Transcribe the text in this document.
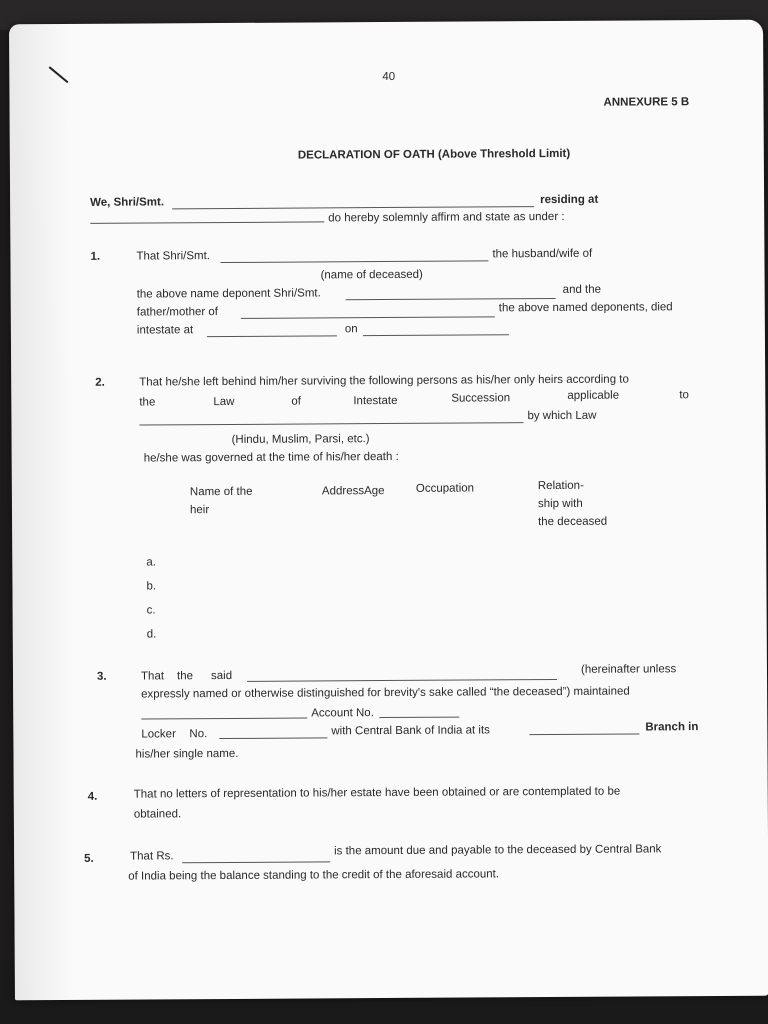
40
ANNEXURE 5 B
DECLARATION OF OATH (Above Threshold Limit)
We, Shri/Smt.	residing at
do hereby solemnly affirm and state as under :
1.	That Shri/Smt.	the husband/wife of
(name of deceased)
the above name deponent Shri/Smt.	and the
father/mother of	the above named deponents, died
intestate at	on
2.	That he/she left behind him/her surviving the following persons as his/her only heirs according to
the	Law	of	Intestate	Succession	applicable	to
by which Law
(Hindu, Muslim, Parsi, etc.)
he/she was governed at the time of his/her death :
Name of the
heir
AddressAge	Occupation	Relation-
ship with
the deceased
a.
b.
c.
d.
3.	That the said
(hereinafter unless
expressly named or otherwise distinguished for brevity's sake called “the deceased”) maintained
Account No.
Locker No.	with Central Bank of India at its	Branch in
his/her single name.
4.	That no letters of representation to his/her estate have been obtained or are contemplated to be
obtained.
5.	That Rs.	is the amount due and payable to the deceased by Central Bank
of India being the balance standing to the credit of the aforesaid account.
